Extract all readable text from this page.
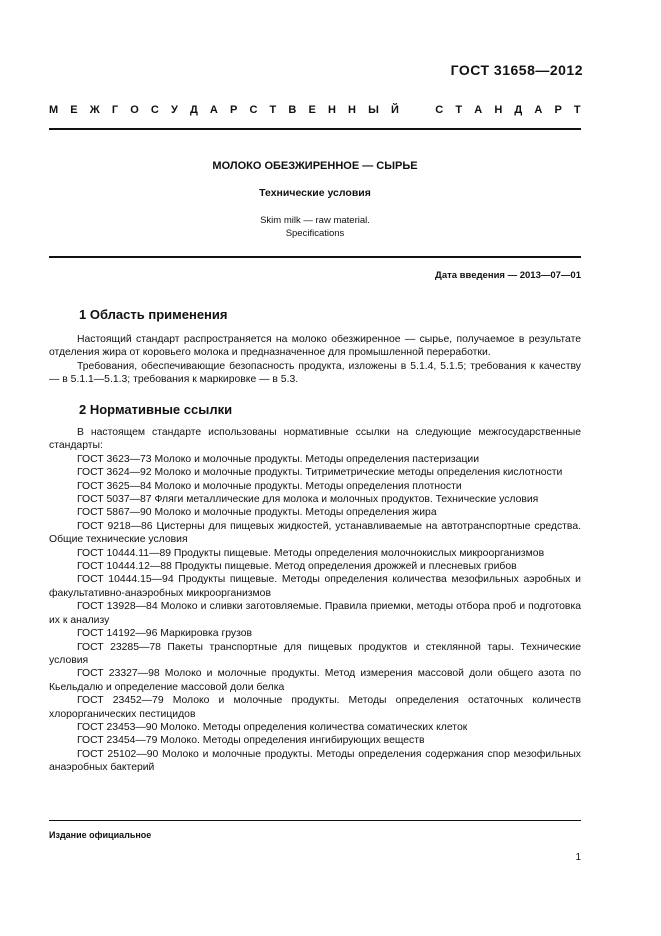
ГОСТ 31658—2012
М Е Ж Г О С У Д А Р С Т В Е Н Н Ы Й	С Т А Н Д А Р Т
МОЛОКО ОБЕЗЖИРЕННОЕ — СЫРЬЕ
Технические условия
Skim milk — raw material.
Specifications
Дата введения — 2013—07—01
1 Область применения
Настоящий стандарт распространяется на молоко обезжиренное — сырье, получаемое в результате отделения жира от коровьего молока и предназначенное для промышленной переработки.
Требования, обеспечивающие безопасность продукта, изложены в 5.1.4, 5.1.5; требования к качеству — в 5.1.1—5.1.3; требования к маркировке — в 5.3.
2 Нормативные ссылки

В настоящем стандарте использованы нормативные ссылки на следующие межгосударственные стандарты:

ГОСТ 3623—73 Молоко и молочные продукты. Методы определения пастеризации

ГОСТ 3624—92 Молоко и молочные продукты. Титриметрические методы определения кислотности

ГОСТ 3625—84 Молоко и молочные продукты. Методы определения плотности

ГОСТ 5037—87 Фляги металлические для молока и молочных продуктов. Технические условия

ГОСТ 5867—90 Молоко и молочные продукты. Методы определения жира

ГОСТ 9218—86 Цистерны для пищевых жидкостей, устанавливаемые на автотранспортные средства. Общие технические условия

ГОСТ 10444.11—89 Продукты пищевые. Методы определения молочнокислых микроорганизмов

ГОСТ 10444.12—88 Продукты пищевые. Метод определения дрожжей и плесневых грибов

ГОСТ 10444.15—94 Продукты пищевые. Методы определения количества мезофильных аэробных и факультативно-анаэробных микроорганизмов

ГОСТ 13928—84 Молоко и сливки заготовляемые. Правила приемки, методы отбора проб и подготовка их к анализу

ГОСТ 14192—96 Маркировка грузов

ГОСТ 23285—78 Пакеты транспортные для пищевых продуктов и стеклянной тары. Технические условия

ГОСТ 23327—98 Молоко и молочные продукты. Метод измерения массовой доли общего азота по Кьельдалю и определение массовой доли белка

ГОСТ 23452—79 Молоко и молочные продукты. Методы определения остаточных количеств хлорорганических пестицидов

ГОСТ 23453—90 Молоко. Методы определения количества соматических клеток

ГОСТ 23454—79 Молоко. Методы определения ингибирующих веществ

ГОСТ 25102—90 Молоко и молочные продукты. Методы определения содержания спор мезофильных анаэробных бактерий

Издание официальное
1
